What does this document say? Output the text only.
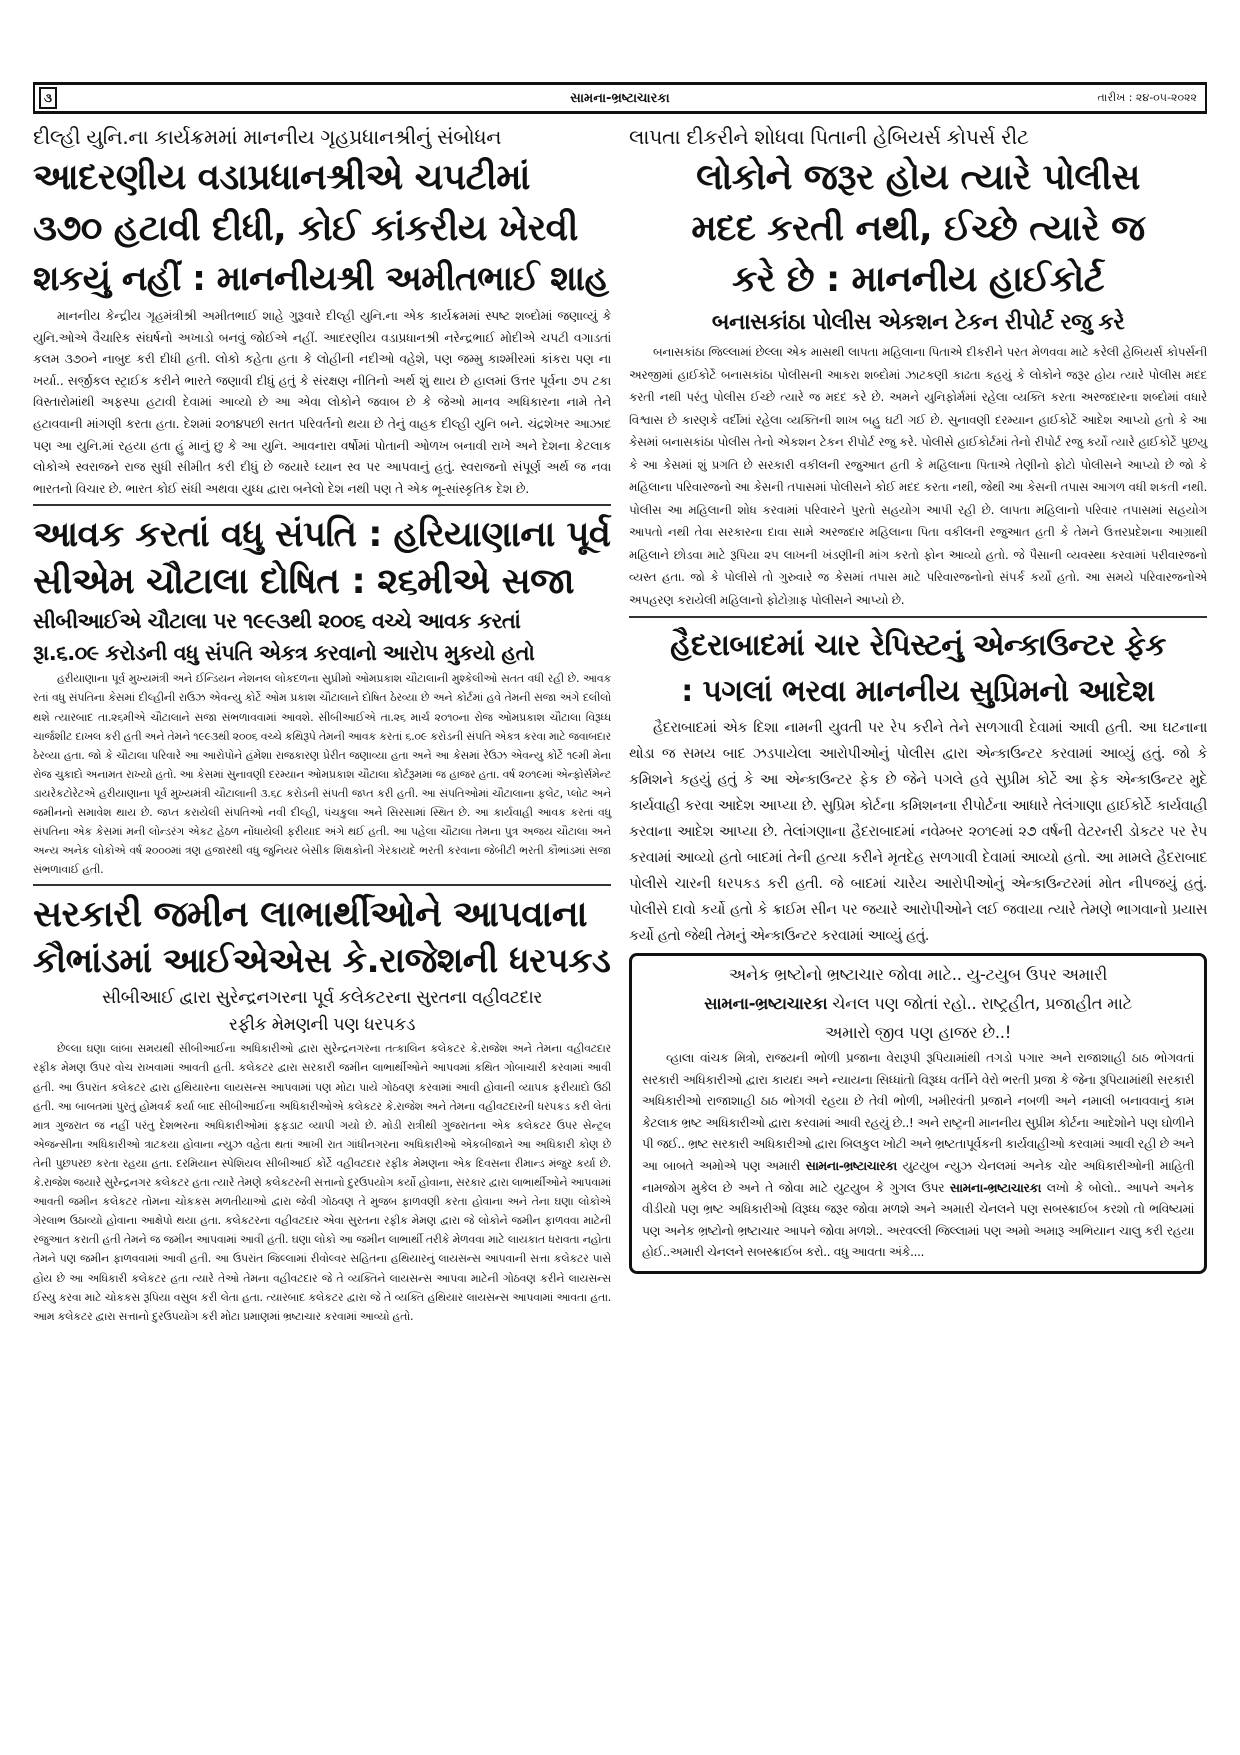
૩	સામના-ભ્રષ્ટાચારકા	તારીખ : ૨૪-૦૫-૨૦૨૨
દીલ્હી યુનિ.ના કાર્યક્રમમાં માનનીય ગૃહપ્રધાનશ્રીનું સંબોધન
આદરણીય વડાપ્રધાનશ્રીએ ચપટીમાં
૩૭૦ હટાવી દીધી, કોઈ કાંકરીય ખેરવી
શકયું નહીં : માનનીયશ્રી અમીતભાઈ શાહ
માનનીય કેન્દ્રીય ગૃહમંત્રીશ્રી અમીતભાઈ શાહે ગુરૂવારે દીલ્હી યુનિ.ના એક કાર્યક્રમમાં સ્પષ્ટ શબ્દોમાં જણાવ્યું કે યુનિ.ઓએ વૈચારિક સંઘર્ષનો અખાડો બનવું જોઈએ નહીં. આદરણીય વડાપ્રધાનશ્રી નરેન્દ્રભાઈ મોદીએ ચપટી વગાડતાં કલમ ૩૭૦ને નાબુદ કરી દીધી હતી. લોકો કહેતા હતા કે લોહીની નદીઓ વહેશે, પણ જમ્મુ કાશ્મીરમાં કાંકરા પણ ના ખર્યા.. સર્જીકલ સ્ટ્રાઈક કરીને ભારતે જણાવી દીધું હતું કે સંરક્ષણ નીતિનો અર્થ શું થાય છે હાલમાં ઉત્તર પૂર્વના ૭૫ ટકા વિસ્તારોમાંથી અફસ્પા હટાવી દેવામાં આવ્યો છે આ એવા લોકોને જવાબ છે કે જેઓ માનવ અધિકારના નામે તેને હટાવવાની માંગણી કરતા હતા. દેશમાં ૨૦૧૪પછી સતત પરિવર્તનો થયા છે તેનું વાહક દીલ્હી યુનિ બને. ચંદ્રશેખર આઝાદ પણ આ યુનિ.માં રહયા હતા હું માનું છુ કે આ યુનિ. આવનારા વર્ષોમાં પોતાની ઓળખ બનાવી રાખે અને દેશના કેટલાક લોકોએ સ્વરાજને રાજ સુધી સીમીત કરી દીધું છે જયારે ધ્યાન સ્વ પર આપવાનું હતું. સ્વરાજનો સંપૂર્ણ અર્થ જ નવા ભારતનો વિચાર છે. ભારત કોઈ સંધી અથવા યુધ્ધ દ્વારા બનેલો દેશ નથી પણ તે એક ભૂ-સાંસ્કૃતિક દેશ છે.
આવક કરતાં વધુ સંપતિ : હરિયાણાના પૂર્વ
સીએમ ચૌટાલા દોષિત : ૨૬મીએ સજા
સીબીઆઈએ ચૌટાલા પર ૧૯૯૩થી ૨૦૦૬ વચ્ચે આવક કરતાં
રૂા.૬.૦૯ કરોડની વધુ સંપતિ એકત્ર કરવાનો આરોપ મુકયો હતો
હરીયાણાના પૂર્વ મુખ્યમંત્રી અને ઈન્ડિયન નેશનલ લોકદળના સુપ્રીમો ઓમપ્રકાશ ચૌટાલાની મુશ્કેલીઓ સતત વધી રહી છે. આવક રતાં વધુ સંપતિના કેસમાં દીલ્હીની રાઉઝ એવન્યુ કોર્ટે ઓમ પ્રકાશ ચૌટાલાને દોષિત ઠેરવ્યા છે અને કોર્ટમાં હવે તેમની સજા અંગે દલીલો થશે ત્યારબાદ તા.૨૬મીએ ચૌટાલાને સજા સંભળાવવામાં આવશે. સીબીઆઈએ તા.૨૬ માર્ચ ૨૦૧૦ના રોજ ઓમપ્રકાશ ચૌટાલા વિરૂધ્ધ ચાર્જશીટ દાખલ કરી હતી અને તેમને ૧૯૯૩થી ૨૦૦૬ વચ્ચે કથિરૂપે તેમની આવક કરતાં ૬.૦૯ કરોડની સંપતિ એકત્ર કરવા માટે જવાબદાર ઠેરવ્યા હતા. જો કે ચૌટાલા પરિવારે આ આરોપોને હંમેશા રાજકારણ પ્રેરીત જણાવ્યા હતા અને આ કેસમાં રેઉઝ એવન્યુ કોર્ટે ૧૯મી મેના રોજ ચુકાદો અનામત રાખ્યો હતો. આ કેસમાં સુનાવણી દરમ્યાન ઓમપ્રકાશ ચૌટાલા કોર્ટરૂમમાં જ હાજર હતા. વર્ષ ૨૦૧૯માં એન્ફોર્સમેન્ટ ડાયરેકટોરેટએ હરીયાણાના પૂર્વ મુખ્યમંત્રી ચૌટાલાની ૩.૬૮ કરોડની સંપતી જપ્ત કરી હતી. આ સંપતિઓમાં ચૌટાલાના ફલેટ, પ્લોટ અને જમીનનો સમાવેશ થાય છે. જપ્ત કરાયેલી સંપતિઓ નવી દીલ્હી, પંચકુલા અને સિરસામાં સ્થિત છે. આ કાર્યવાહી આવક કરતાં વધુ સંપતિના એક કેસમાં મની લોન્ડરંગ એકટ હેઠળ નોંધાયેલી ફરીયાદ અંગે થઈ હતી. આ પહેલા ચૌટાલા તેમના પુત્ર અજય ચૌટાલા અને અન્ય અનેક લોકોએ વર્ષ ૨૦૦૦માં ત્રણ હજારથી વધુ જુનિયર બેસીક શિક્ષકોની ગેરકાયદે ભરતી કરવાના જેબીટી ભરતી કૌભાંડમાં સજા સંભળાવાઈ હતી.
સરકારી જમીન લાભાર્થીઓને આપવાના
કૌભાંડમાં આઈએએસ કે.રાજેશની ધરપકડ
સીબીઆઈ દ્વારા સુરેન્દ્રનગરના પૂર્વ કલેકટરના સુરતના વહીવટદાર
રફીક મેમણની પણ ધરપકડ
છેલ્લા ઘણા લાંબા સમયથી સીબીઆઈના અધિકારીઓ દ્વારા સુરેન્દ્રનગરના તત્કાલિન કલેકટર કે.રાજેશ અને તેમના વહીવટદાર રફીક મેમણ ઉપર વોચ રાખવામાં આવતી હતી. કલેકટર દ્વારા સરકારી જમીન લાભાર્થીઓને આપવમાં કથિત ગોબાચારી કરવામાં આવી હતી. આ ઉપરાંત કલેકટર દ્વારા હથિયારના લાયસન્સ આપવામાં પણ મોટા પાયે ગોઠવણ કરવામાં આવી હોવાની વ્યાપક ફરીયાદો ઉઠી હતી. આ બાબતમાં પુરતું હોમવર્ક કર્યા બાદ સીબીઆઈના અધિકારીઓએ કલેકટર કે.રાજેશ અને તેમના વહીવટદારની ધરપકડ કરી લેતાં માત્ર ગુજરાત જ નહીં પરંતુ દેશભરના અધિકારીઓમાં ફફડાટ વ્યાપી ગયો છે. મોડી રાત્રીથી ગુજરાતના એક કલેકટર ઉપર સેન્ટ્રલ એજન્સીના અધિકારીઓ ત્રાટકયા હોવાના ન્યુઝ વહેતા થતાં આખી રાત ગાંધીનગરના અધિકારીઓ એકબીજાને આ અધિકારી કોણ છે તેની પુછપરછ કરતા રહયા હતા. દરમિયાન સ્પેશિયલ સીબીઆઈ કોર્ટે વહીવટદાર રફીક મેમણના એક દિવસના રીમાન્ડ મંજુર કર્યા છે. કે.રાજેશ જયારે સુરેન્દ્રનગર કલેકટર હતા ત્યારે તેમણે કલેકટરની સત્તાનો દુરઉપયોગ કર્યો હોવાના, સરકાર દ્વારા લાભાર્થીઓને આપવામાં આવતી જમીન કલેકટર તોમના ચોકકસ મળતીયાઓ દ્વારા જેવી ગોઠવણ તે મુજબ ફાળવણી કરતા હોવાના અને તેના ઘણા લોકોએ ગેરલાભ ઉઠાવ્યો હોવાના આક્ષેપો થયા હતા. કલેકટરના વહીવટદાર એવા સુરતના રફીક મેમણ દ્વારા જે લોકોને જમીન ફાળવવા માટેની રજુઆત કરાતી હતી તેમને જ જમીન આપવામાં આવી હતી. ઘણા લોકો આ જમીન લાભાર્થી તરીકે મેળવવા માટે લાયકાત ધરાવતા નહોતા તેમને પણ જમીન ફાળવવામાં આવી હતી. આ ઉપરાંત જિલ્લામાં રીવોલ્વર સહિતના હથિયારનું લાયસન્સ આપવાની સત્તા કલેકટર પાસે હોય છે આ અધિકારી કલેકટર હતા ત્યારે તેઓ તેમના વહીવટદાર જે તે વ્યક્તિને લાયસન્સ આપવા માટેની ગોઠવણ કરીને લાયસન્સ ઈસ્યુ કરવા માટે ચોકકસ રૂપિયા વસુલ કરી લેતા હતા. ત્યારબાદ કલેકટર દ્વારા જે તે વ્યક્તિ હથિયાર લાયસન્સ આપવામાં આવતા હતા. આમ કલેકટર દ્વારા સત્તાનો દુરઉપયોગ કરી મોટા પ્રમાણમાં ભ્રષ્ટાચાર કરવામાં આવ્યો હતો.
લાપતા દીકરીને શોધવા પિતાની હેબિયર્સ કોપર્સ રીટ
લોકોને જરૂર હોય ત્યારે પોલીસ
મદદ કરતી નથી, ઈચ્છે ત્યારે જ
કરે છે : માનનીય હાઈકોર્ટ
બનાસકાંઠા પોલીસ એકશન ટેકન રીપોર્ટ રજુ કરે
બનાસકાંઠા જિલ્લામાં છેલ્લા એક માસથી લાપતા મહિલાના પિતાએ દીકરીને પરત મેળવવા માટે કરેલી હેબિયર્સ કોપર્સની અરજીમાં હાઈકોર્ટે બનાસકાંઠા પોલીસની આકરા શબ્દોમાં ઝાટકણી કાઢતા કહયું કે લોકોને જરૂર હોય ત્યારે પોલીસ મદદ કરતી નથી પરંતુ પોલીસ ઈચ્છે ત્યારે જ મદદ કરે છે. અમને યુનિફોર્મમાં રહેલા વ્યક્તિ કરતા અરજદારના શબ્દોમાં વધારે વિશ્વાસ છે કારણકે વર્દીમાં રહેલા વ્યક્તિની શાખ બહુ ઘટી ગઈ છે. સુનાવણી દરમ્યાન હાઈકોર્ટે આદેશ આપ્યો હતો કે આ કેસમાં બનાસકાંઠા પોલીસ તેનો એકશન ટેકન રીપોર્ટ રજુ કરે. પોલીસે હાઈકોર્ટમાં તેનો રીપોર્ટ રજુ કર્યો ત્યારે હાઈકોર્ટે પુછયુ કે આ કેસમાં શું પ્રગતિ છે સરકારી વકીલની રજુઆત હતી કે મહિલાના પિતાએ તેણીનો ફોટો પોલીસને આપ્યો છે જો કે મહિલાના પરિવારજનો આ કેસની તપાસમાં પોલીસને કોઈ મદદ કરતા નથી, જેથી આ કેસની તપાસ આગળ વધી શકતી નથી. પોલીસ આ મહિલાની શોધ કરવામાં પરિવારને પુરતો સહયોગ આપી રહી છે. લાપતા મહિલાનો પરિવાર તપાસમાં સહયોગ આપતો નથી તેવા સરકારના દાવા સામે અરજદાર મહિલાના પિતા વકીલની રજુઆત હતી કે તેમને ઉત્તરપ્રદેશના આગ્રાથી મહિલાને છોડવા માટે રૂપિયા ૨૫ લાખની ખંડણીની માંગ કરતો ફોન આવ્યો હતો. જે પૈસાની વ્યવસ્થા કરવામાં પરીવારજનો વ્યસ્ત હતા. જો કે પોલીસે તો ગુરુવારે જ કેસમાં તપાસ માટે પરિવારજનોનો સંપર્ક કર્યો હતો. આ સમયે પરિવારજનોએ અપહરણ કરાયેલી મહિલાનો ફોટોગ્રાફ પોલીસને આપ્યો છે.
હૈદરાબાદમાં ચાર રેપિસ્ટનું એન્કાઉન્ટર ફેક
: પગલાં ભરવા માનનીય સુપ્રિમનો આદેશ
હૈદરાબાદમાં એક દિશા નામની યુવતી પર રેપ કરીને તેને સળગાવી દેવામાં આવી હતી. આ ઘટનાના થોડા જ સમય બાદ ઝડપાયેલા આરોપીઓનું પોલીસ દ્વારા એન્કાઉન્ટર કરવામાં આવ્યું હતું. જો કે કમિશને કહયું હતું કે આ એન્કાઉન્ટર ફેક છે જેને પગલે હવે સુપ્રીમ કોર્ટે આ ફેક એન્કાઉન્ટર મુદે કાર્યવાહી કરવા આદેશ આપ્યા છે. સુપ્રિમ કોર્ટના કમિશનના રીપોર્ટના આધારે તેલંગાણા હાઈકોર્ટે કાર્યવાહી કરવાના આદેશ આપ્યા છે. તેલાંગણાના હૈદરાબાદમાં નવેમ્બર ૨૦૧૯માં ૨૭ વર્ષની વેટરનરી ડોકટર પર રેપ કરવામાં આવ્યો હતો બાદમાં તેની હત્યા કરીને મૃતદેહ સળગાવી દેવામાં આવ્યો હતો. આ મામલે હૈદરાબાદ પોલીસે ચારની ધરપકડ કરી હતી. જે બાદમાં ચારેય આરોપીઓનું એન્કાઉન્ટરમાં મોત નીપજયું હતું. પોલીસે દાવો કર્યો હતો કે ક્રાઈમ સીન પર જયારે આરોપીઓને લઈ જવાયા ત્યારે તેમણે ભાગવાનો પ્રયાસ કર્યો હતો જેથી તેમનું એન્કાઉન્ટર કરવામાં આવ્યું હતું.
અનેક ભ્રષ્ટોનો ભ્રષ્ટાચાર જોવા માટે.. યુ-ટયુબ ઉપર અમારી
સામના-ભ્રષ્ટાચારકા ચેનલ પણ જોતાં રહો.. રાષ્ટ્રહીત, પ્રજાહીત માટે
અમારો જીવ પણ હાજર છે..!
વ્હાલા વાંચક મિત્રો, રાજયની ભોળી પ્રજાના વેરારૂપી રૂપિયામાંથી તગડો પગાર અને રાજાશાહી ઠાઠ ભોગવતાં સરકારી અધિકારીઓ દ્વારા કાયદા અને ન્યાયના સિધ્ધાંતો વિરૂધ્ધ વર્તીને વેરો ભરતી પ્રજા કે જેના રૂપિયામાંથી સરકારી અધિકારીઓ રાજાશાહી ઠાઠ ભોગવી રહયા છે તેવી ભોળી, ખમીરવંતી પ્રજાને નબળી અને નમાલી બનાવવાનું કામ કેટલાક ભ્રષ્ટ અધિકારીઓ દ્વારા કરવામાં આવી રહયું છે..! અને રાષ્ટ્રની માનનીય સુપ્રીમ કોર્ટના આદેશોને પણ ઘોળીને પી જઈ.. ભ્રષ્ટ સરકારી અધિકારીઓ દ્વારા બિલકુલ ખોટી અને ભ્રષ્ટતાપૂર્વકની કાર્યવાહીઓ કરવામાં આવી રહી છે અને આ બાબતે અમોએ પણ અમારી સામના-ભ્રષ્ટાચારકા યુટયુબ ન્યુઝ ચેનલમાં અનેક ચોર અધિકારીઓની માહિતી નામજોગ મુકેલ છે અને તે જોવા માટે યુટયુબ કે ગુગલ ઉપર સામના-ભ્રષ્ટાચારકા લખો કે બોલો.. આપને અનેક વીડીયો પણ ભ્રષ્ટ અધિકારીઓ વિરૂધ્ધ જરૂર જોવા મળશે અને અમારી ચેનલને પણ સબસ્ક્રાઈબ કરશો તો ભવિષ્યમાં પણ અનેક ભ્રષ્ટોનો ભ્રષ્ટાચાર આપને જોવા મળશે.. અરવલ્લી જિલ્લામાં પણ અમો અમારૂ અભિયાન ચાલુ કરી રહયા હોઈ..અમારી ચેનલને સબસ્ક્રાઈબ કરો.. વધુ આવતા અંકે....
